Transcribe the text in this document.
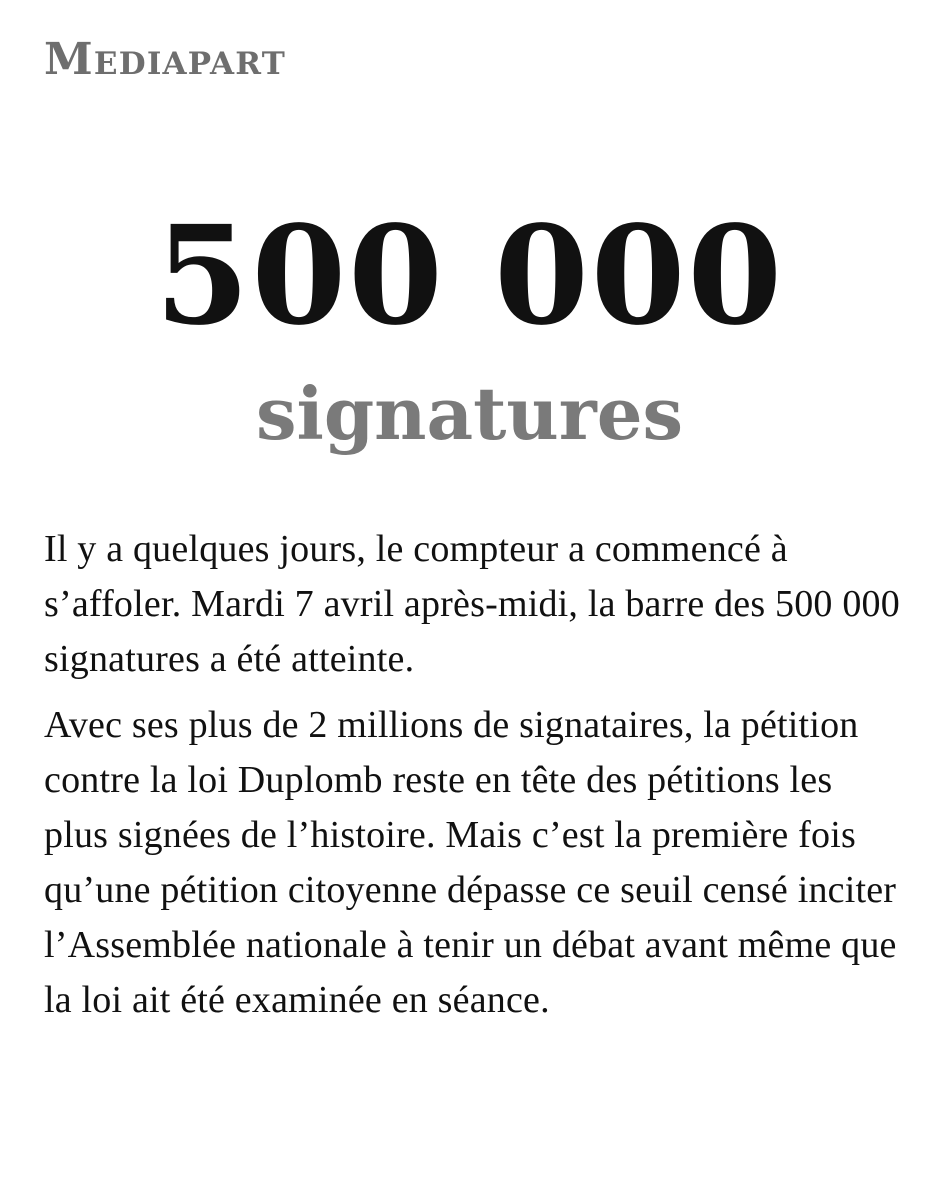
Mediapart
500 000
signatures

Il y a quelques jours, le compteur a commencé à s’affoler. Mardi 7 avril après-midi, la barre des 500 000 signatures a été atteinte.

Avec ses plus de 2 millions de signataires, la pétition contre la loi Duplomb reste en tête des pétitions les plus signées de l’histoire. Mais c’est la première fois qu’une pétition citoyenne dépasse ce seuil censé inciter l’Assemblée nationale à tenir un débat avant même que la loi ait été examinée en séance.
